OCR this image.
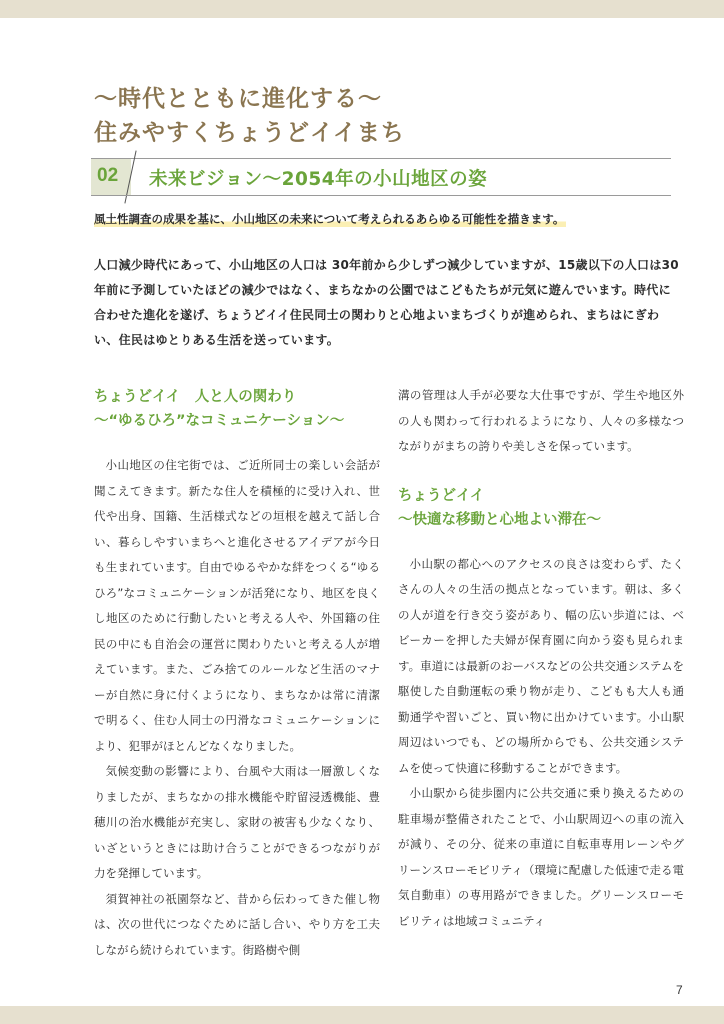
～時代とともに進化する～
住みやすくちょうどイイまち
02 未来ビジョン～2054年の小山地区の姿
風土性調査の成果を基に、小山地区の未来について考えられるあらゆる可能性を描きます。
人口減少時代にあって、小山地区の人口は 30年前から少しずつ減少していますが、15歳以下の人口は30年前に予測していたほどの減少ではなく、まちなかの公園ではこどもたちが元気に遊んでいます。時代に合わせた進化を遂げ、ちょうどイイ住民同士の関わりと心地よいまちづくりが進められ、まちはにぎわい、住民はゆとりある生活を送っています。
ちょうどイイ　人と人の関わり
～“ゆるひろ”なコミュニケーション～

小山地区の住宅街では、ご近所同士の楽しい会話が聞こえてきます。新たな住人を積極的に受け入れ、世代や出身、国籍、生活様式などの垣根を越えて話し合い、暮らしやすいまちへと進化させるアイデアが今日も生まれています。自由でゆるやかな絆をつくる“ゆるひろ”なコミュニケーションが活発になり、地区を良くし地区のために行動したいと考える人や、外国籍の住民の中にも自治会の運営に関わりたいと考える人が増えています。また、ごみ捨てのルールなど生活のマナーが自然に身に付くようになり、まちなかは常に清潔で明るく、住む人同士の円滑なコミュニケーションにより、犯罪がほとんどなくなりました。

気候変動の影響により、台風や大雨は一層激しくなりましたが、まちなかの排水機能や貯留浸透機能、豊穂川の治水機能が充実し、家財の被害も少なくなり、いざというときには助け合うことができるつながりが力を発揮しています。

須賀神社の祇園祭など、昔から伝わってきた催し物は、次の世代につなぐために話し合い、やり方を工夫しながら続けられています。街路樹や側

溝の管理は人手が必要な大仕事ですが、学生や地区外の人も関わって行われるようになり、人々の多様なつながりがまちの誇りや美しさを保っています。

ちょうどイイ
～快適な移動と心地よい滞在～

小山駅の都心へのアクセスの良さは変わらず、たくさんの人々の生活の拠点となっています。朝は、多くの人が道を行き交う姿があり、幅の広い歩道には、ベビーカーを押した夫婦が保育園に向かう姿も見られます。車道には最新のおーバスなどの公共交通システムを駆使した自動運転の乗り物が走り、こどもも大人も通勤通学や習いごと、買い物に出かけています。小山駅周辺はいつでも、どの場所からでも、公共交通システムを使って快適に移動することができます。

小山駅から徒歩圏内に公共交通に乗り換えるための駐車場が整備されたことで、小山駅周辺への車の流入が減り、その分、従来の車道に自転車専用レーンやグリーンスローモビリティ（環境に配慮した低速で走る電気自動車）の専用路ができました。グリーンスローモビリティは地域コミュニティ

7
